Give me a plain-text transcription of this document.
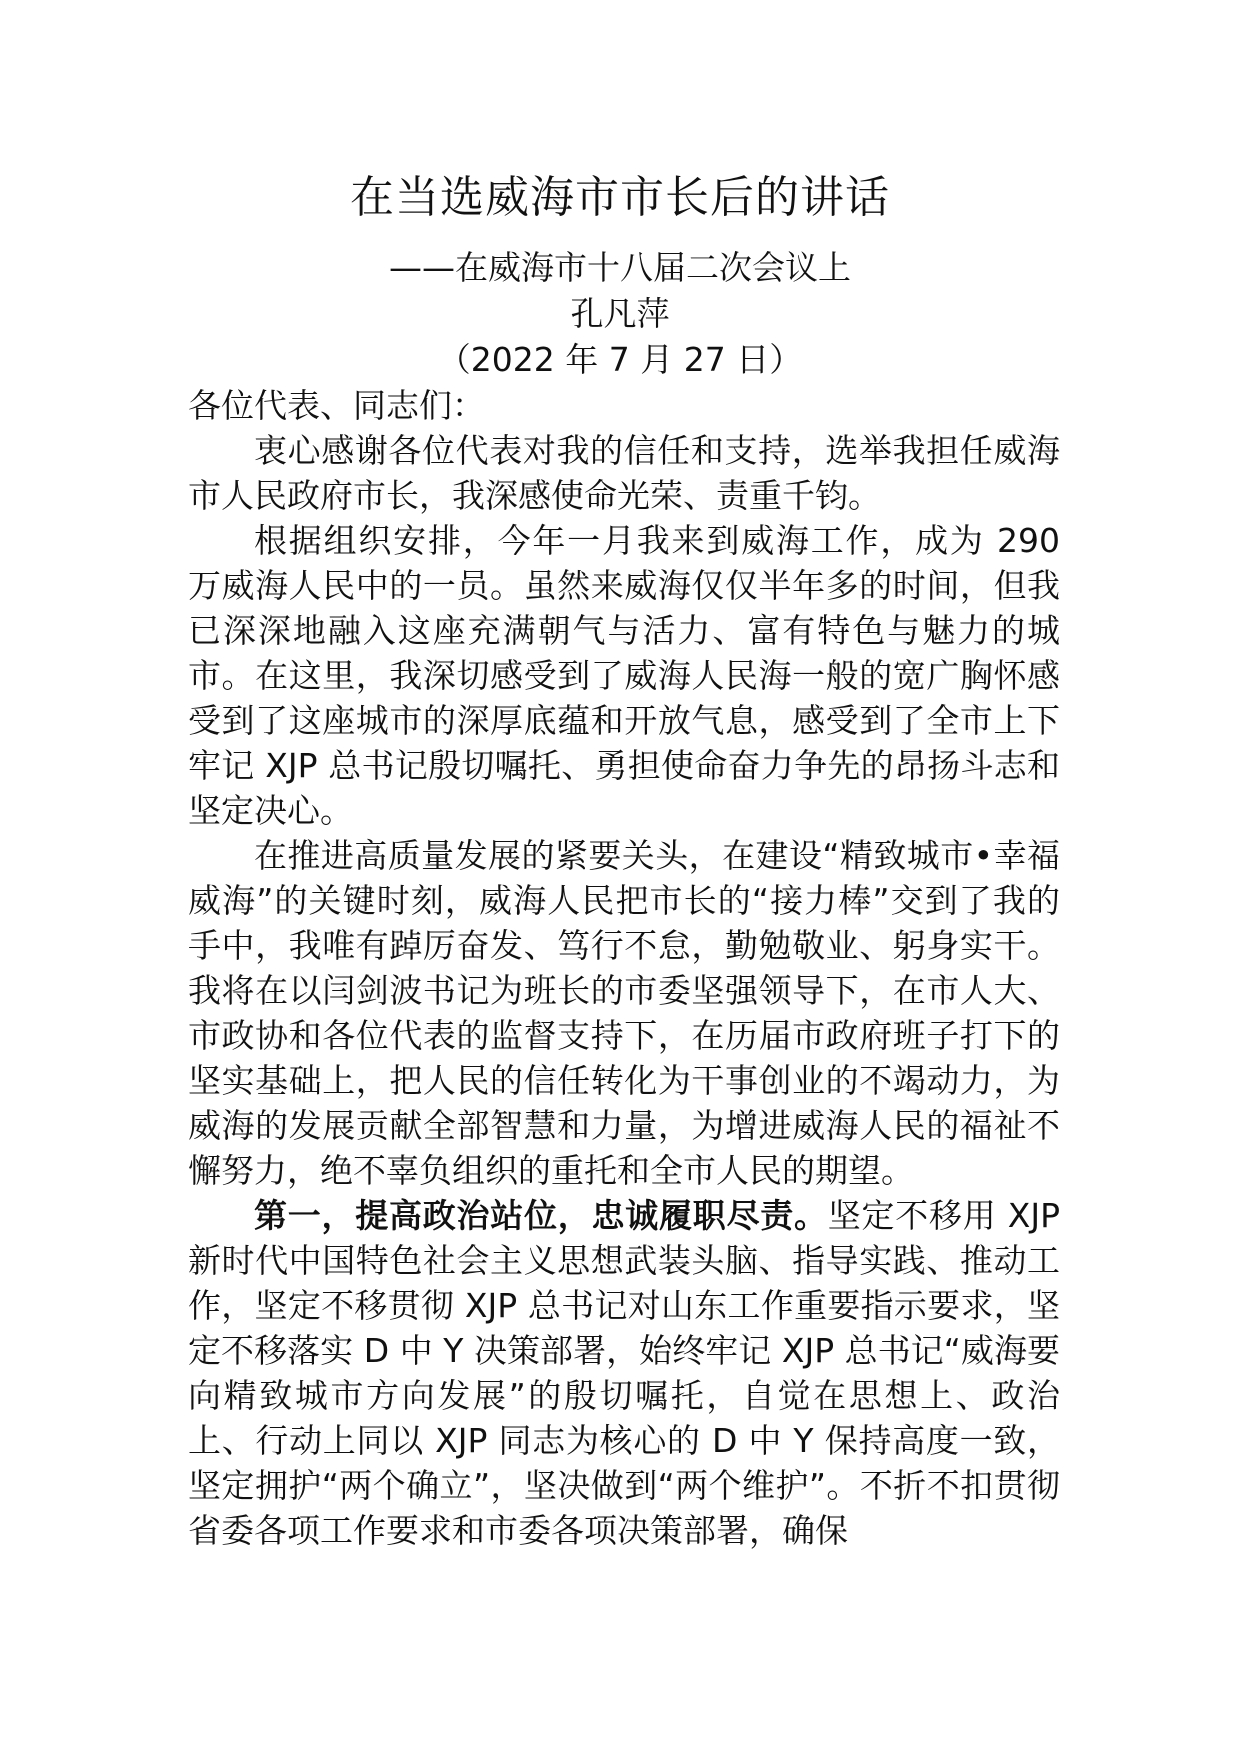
在当选威海市市长后的讲话
——在威海市十八届二次会议上
孔凡萍
（2022 年 7 月 27 日）

各位代表、同志们：

衷心感谢各位代表对我的信任和支持，选举我担任威海市人民政府市长，我深感使命光荣、责重千钧。

根据组织安排，今年一月我来到威海工作，成为 290 万威海人民中的一员。虽然来威海仅仅半年多的时间，但我已深深地融入这座充满朝气与活力、富有特色与魅力的城市。在这里，我深切感受到了威海人民海一般的宽广胸怀感受到了这座城市的深厚底蕴和开放气息，感受到了全市上下牢记 XJP 总书记殷切嘱托、勇担使命奋力争先的昂扬斗志和坚定决心。

在推进高质量发展的紧要关头，在建设“精致城市•幸福威海”的关键时刻，威海人民把市长的“接力棒”交到了我的手中，我唯有踔厉奋发、笃行不怠，勤勉敬业、躬身实干。我将在以闫剑波书记为班长的市委坚强领导下，在市人大、市政协和各位代表的监督支持下，在历届市政府班子打下的坚实基础上，把人民的信任转化为干事创业的不竭动力，为威海的发展贡献全部智慧和力量，为增进威海人民的福祉不懈努力，绝不辜负组织的重托和全市人民的期望。

第一，提高政治站位，忠诚履职尽责。坚定不移用 XJP 新时代中国特色社会主义思想武装头脑、指导实践、推动工作，坚定不移贯彻 XJP 总书记对山东工作重要指示要求，坚定不移落实 D 中 Y 决策部署，始终牢记 XJP 总书记“威海要向精致城市方向发展”的殷切嘱托，自觉在思想上、政治上、行动上同以 XJP 同志为核心的 D 中 Y 保持高度一致，坚定拥护“两个确立”，坚决做到“两个维护”。不折不扣贯彻省委各项工作要求和市委各项决策部署，确保
